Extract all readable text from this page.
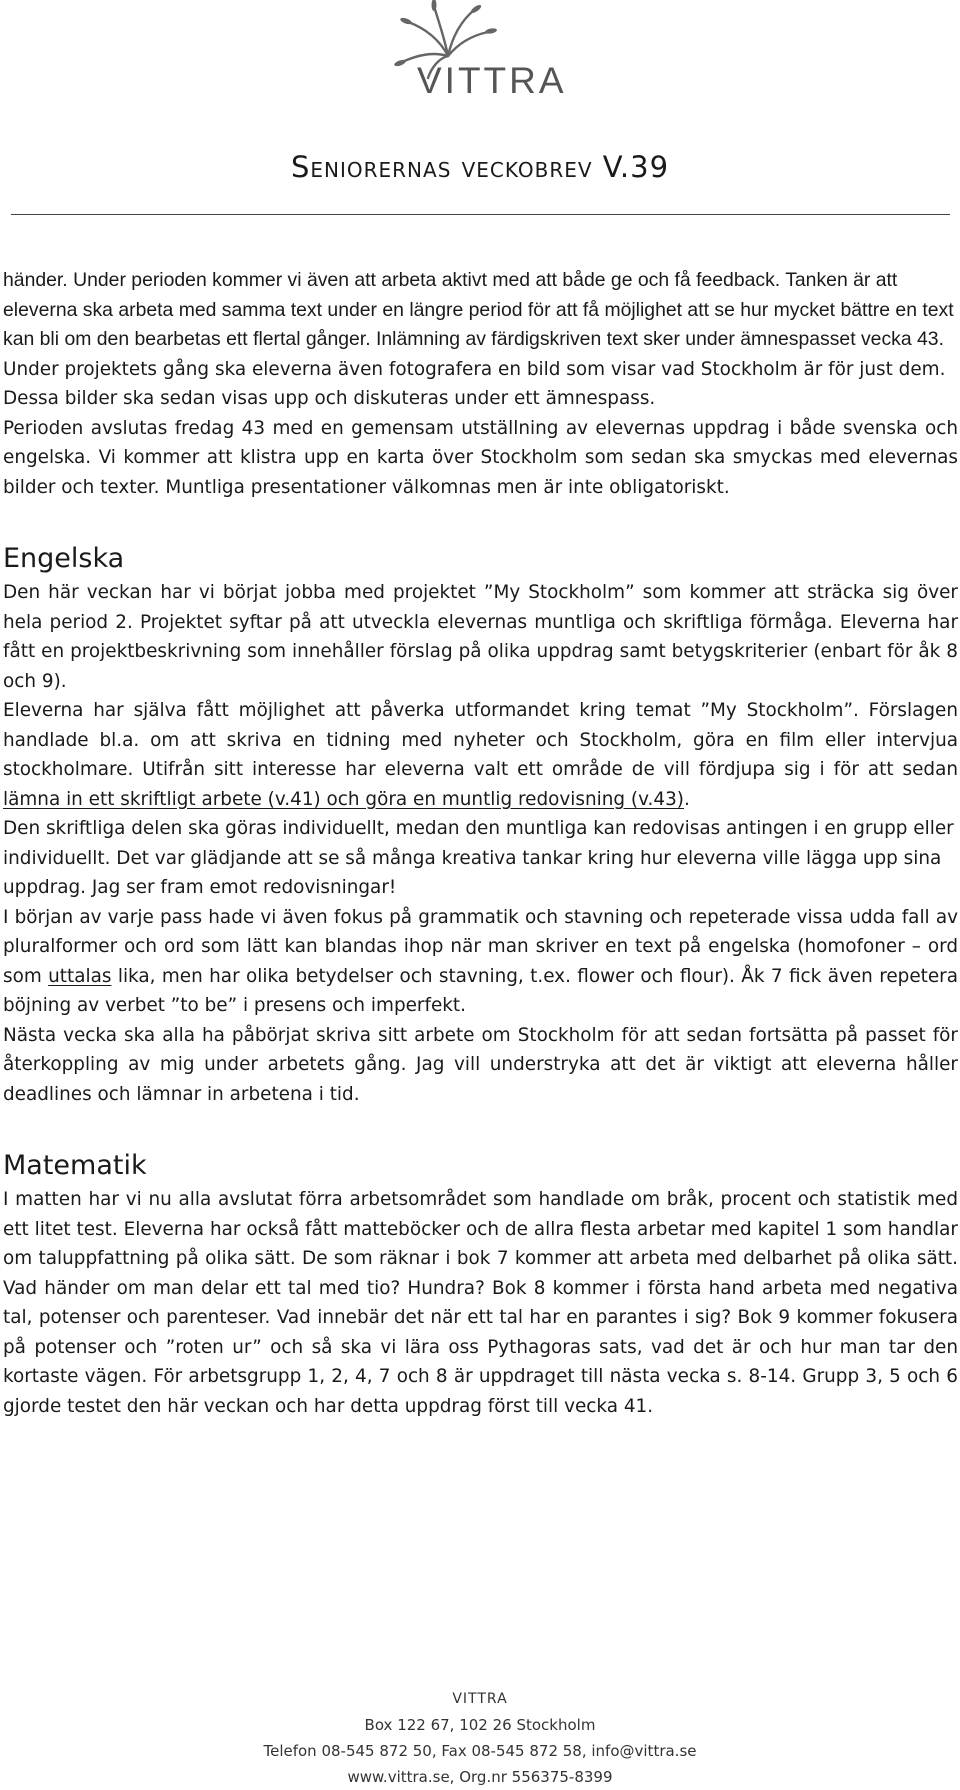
VITTRA
Seniorernas veckobrev V.39

händer. Under perioden kommer vi även att arbeta aktivt med att både ge och få feedback. Tanken är att eleverna ska arbeta med samma text under en längre period för att få möjlighet att se hur mycket bättre en text kan bli om den bearbetas ett flertal gånger. Inlämning av färdigskriven text sker under ämnespasset vecka 43.

Under projektets gång ska eleverna även fotografera en bild som visar vad Stockholm är för just dem. Dessa bilder ska sedan visas upp och diskuteras under ett ämnespass.

Perioden avslutas fredag 43 med en gemensam utställning av elevernas uppdrag i både svenska och engelska. Vi kommer att klistra upp en karta över Stockholm som sedan ska smyckas med elevernas bilder och texter. Muntliga presentationer välkomnas men är inte obligatoriskt.

Engelska

Den här veckan har vi börjat jobba med projektet ”My Stockholm” som kommer att sträcka sig över hela period 2. Projektet syftar på att utveckla elevernas muntliga och skriftliga förmåga. Eleverna har fått en projektbeskrivning som innehåller förslag på olika uppdrag samt betygskriterier (enbart för åk 8 och 9).

Eleverna har själva fått möjlighet att påverka utformandet kring temat ”My Stockholm”. Förslagen handlade bl.a. om att skriva en tidning med nyheter och Stockholm, göra en film eller intervjua stockholmare. Utifrån sitt interesse har eleverna valt ett område de vill fördjupa sig i för att sedan lämna in ett skriftligt arbete (v.41) och göra en muntlig redovisning (v.43).

Den skriftliga delen ska göras individuellt, medan den muntliga kan redovisas antingen i en grupp eller individuellt. Det var glädjande att se så många kreativa tankar kring hur eleverna ville lägga upp sina uppdrag. Jag ser fram emot redovisningar!

I början av varje pass hade vi även fokus på grammatik och stavning och repeterade vissa udda fall av pluralformer och ord som lätt kan blandas ihop när man skriver en text på engelska (homofoner – ord som uttalas lika, men har olika betydelser och stavning, t.ex. flower och flour). Åk 7 fick även repetera böjning av verbet ”to be” i presens och imperfekt.

Nästa vecka ska alla ha påbörjat skriva sitt arbete om Stockholm för att sedan fortsätta på passet för återkoppling av mig under arbetets gång. Jag vill understryka att det är viktigt att eleverna håller deadlines och lämnar in arbetena i tid.

Matematik

I matten har vi nu alla avslutat förra arbetsområdet som handlade om bråk, procent och statistik med ett litet test. Eleverna har också fått matteböcker och de allra flesta arbetar med kapitel 1 som handlar om taluppfattning på olika sätt. De som räknar i bok 7 kommer att arbeta med delbarhet på olika sätt. Vad händer om man delar ett tal med tio? Hundra? Bok 8 kommer i första hand arbeta med negativa tal, potenser och parenteser. Vad innebär det när ett tal har en parantes i sig? Bok 9 kommer fokusera på potenser och ”roten ur” och så ska vi lära oss Pythagoras sats, vad det är och hur man tar den kortaste vägen. För arbetsgrupp 1, 2, 4, 7 och 8 är uppdraget till nästa vecka s. 8-14. Grupp 3, 5 och 6 gjorde testet den här veckan och har detta uppdrag först till vecka 41.

VITTRA
Box 122 67, 102 26 Stockholm
Telefon 08-545 872 50, Fax 08-545 872 58, info@vittra.se
www.vittra.se, Org.nr 556375-8399
